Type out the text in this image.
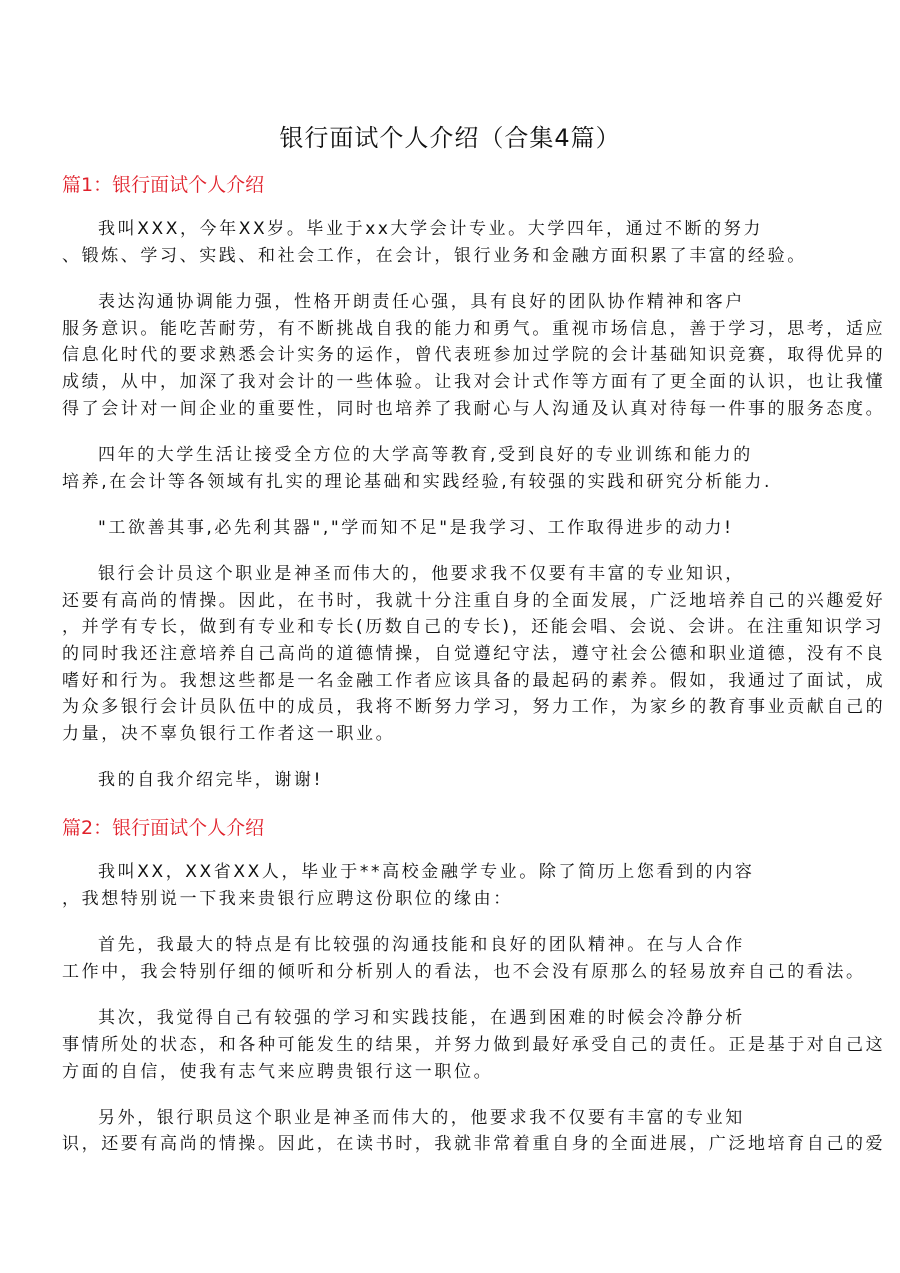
银行面试个人介绍（合集4篇）
篇1：银行面试个人介绍
我叫XXX，今年XX岁。毕业于xx大学会计专业。大学四年，通过不断的努力
、锻炼、学习、实践、和社会工作，在会计，银行业务和金融方面积累了丰富的经验。
表达沟通协调能力强，性格开朗责任心强，具有良好的团队协作精神和客户
服务意识。能吃苦耐劳，有不断挑战自我的能力和勇气。重视市场信息，善于学习，思考，适应
信息化时代的要求熟悉会计实务的运作，曾代表班参加过学院的会计基础知识竞赛，取得优异的
成绩，从中，加深了我对会计的一些体验。让我对会计式作等方面有了更全面的认识，也让我懂
得了会计对一间企业的重要性，同时也培养了我耐心与人沟通及认真对待每一件事的服务态度。
四年的大学生活让接受全方位的大学高等教育,受到良好的专业训练和能力的
培养,在会计等各领域有扎实的理论基础和实践经验,有较强的实践和研究分析能力.
"工欲善其事,必先利其器","学而知不足"是我学习、工作取得进步的动力!
银行会计员这个职业是神圣而伟大的，他要求我不仅要有丰富的专业知识，
还要有高尚的情操。因此，在书时，我就十分注重自身的全面发展，广泛地培养自己的兴趣爱好
，并学有专长，做到有专业和专长(历数自己的专长)，还能会唱、会说、会讲。在注重知识学习
的同时我还注意培养自己高尚的道德情操，自觉遵纪守法，遵守社会公德和职业道德，没有不良
嗜好和行为。我想这些都是一名金融工作者应该具备的最起码的素养。假如，我通过了面试，成
为众多银行会计员队伍中的成员，我将不断努力学习，努力工作，为家乡的教育事业贡献自己的
力量，决不辜负银行工作者这一职业。
我的自我介绍完毕，谢谢!
篇2：银行面试个人介绍
我叫XX，XX省XX人，毕业于**高校金融学专业。除了简历上您看到的内容
，我想特别说一下我来贵银行应聘这份职位的缘由：
首先，我最大的特点是有比较强的沟通技能和良好的团队精神。在与人合作
工作中，我会特别仔细的倾听和分析别人的看法，也不会没有原那么的轻易放弃自己的看法。
其次，我觉得自己有较强的学习和实践技能，在遇到困难的时候会冷静分析
事情所处的状态，和各种可能发生的结果，并努力做到最好承受自己的责任。正是基于对自己这
方面的自信，使我有志气来应聘贵银行这一职位。
另外，银行职员这个职业是神圣而伟大的，他要求我不仅要有丰富的专业知
识，还要有高尚的情操。因此，在读书时，我就非常着重自身的全面进展，广泛地培育自己的爱
